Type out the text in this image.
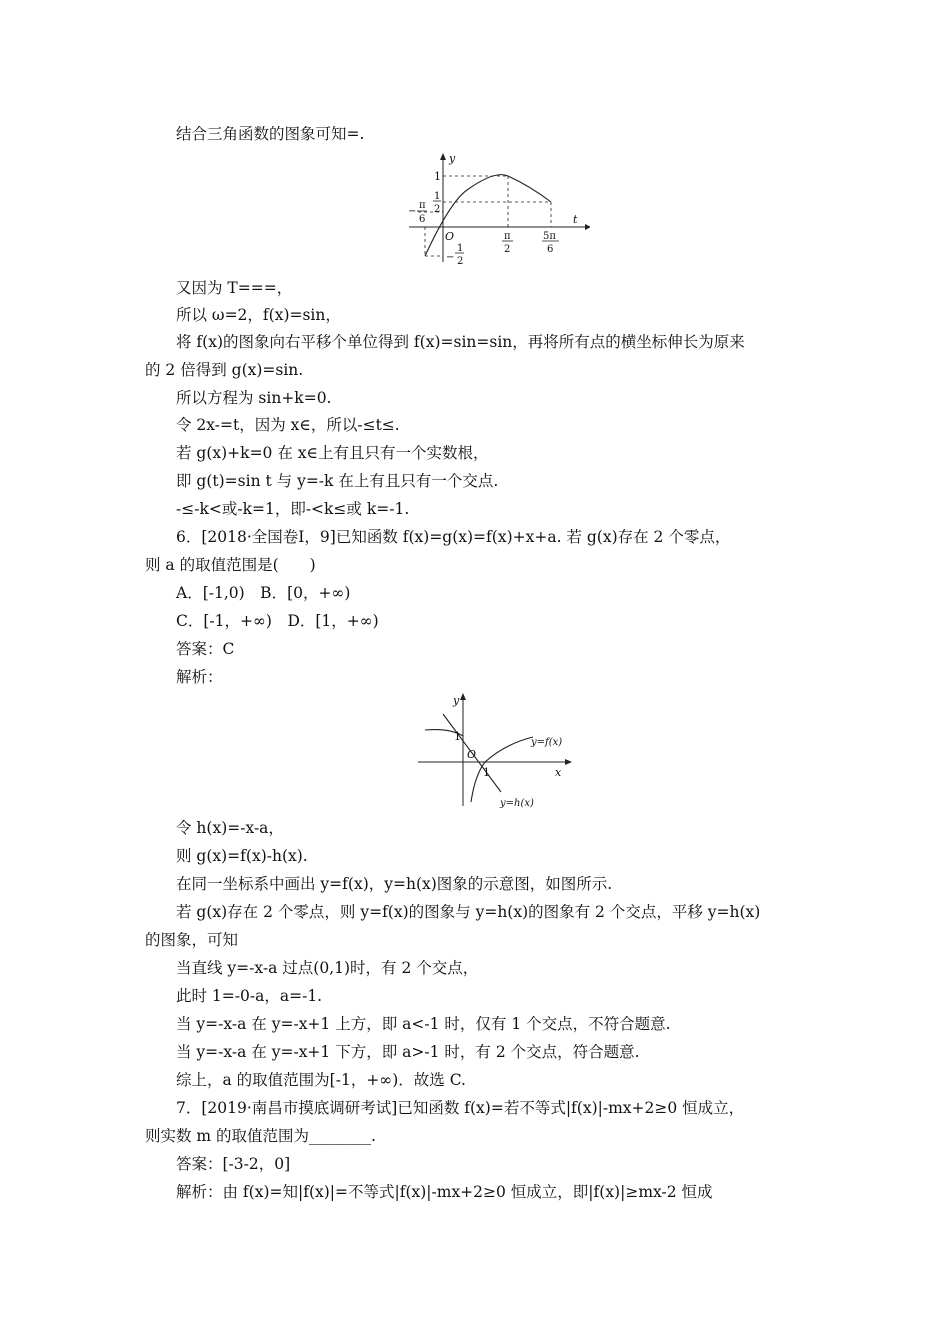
结合三角函数的图象可知=.
y
t
O
1
1
2
−
π
6
−
1
2
π
2
5π
6
又因为 T===，
所以 ω=2，f(x)=sin，
将 f(x)的图象向右平移个单位得到 f(x)=sin=sin，再将所有点的横坐标伸长为原来
的 2 倍得到 g(x)=sin.
所以方程为 sin+k=0.
令 2x-=t，因为 x∈，所以-≤t≤.
若 g(x)+k=0 在 x∈上有且只有一个实数根，
即 g(t)=sin t 与 y=-k 在上有且只有一个交点.
-≤-k<或-k=1，即-<k≤或 k=-1.
6．[2018·全国卷Ⅰ，9]已知函数 f(x)=g(x)=f(x)+x+a. 若 g(x)存在 2 个零点，
则 a 的取值范围是(　　)
A．[-1,0)　B．[0，+∞)
C．[-1，+∞)　D．[1，+∞)
答案：C
解析：
y
x
O
1
1
y=f(x)
y=h(x)
令 h(x)=-x-a，
则 g(x)=f(x)-h(x).
在同一坐标系中画出 y=f(x)，y=h(x)图象的示意图，如图所示.
若 g(x)存在 2 个零点，则 y=f(x)的图象与 y=h(x)的图象有 2 个交点，平移 y=h(x)
的图象，可知
当直线 y=-x-a 过点(0,1)时，有 2 个交点，
此时 1=-0-a，a=-1.
当 y=-x-a 在 y=-x+1 上方，即 a<-1 时，仅有 1 个交点，不符合题意.
当 y=-x-a 在 y=-x+1 下方，即 a>-1 时，有 2 个交点，符合题意.
综上，a 的取值范围为[-1，+∞)．故选 C.
7．[2019·南昌市摸底调研考试]已知函数 f(x)=若不等式|f(x)|-mx+2≥0 恒成立，
则实数 m 的取值范围为________.
答案：[-3-2，0]
解析：由 f(x)=知|f(x)|=不等式|f(x)|-mx+2≥0 恒成立，即|f(x)|≥mx-2 恒成
